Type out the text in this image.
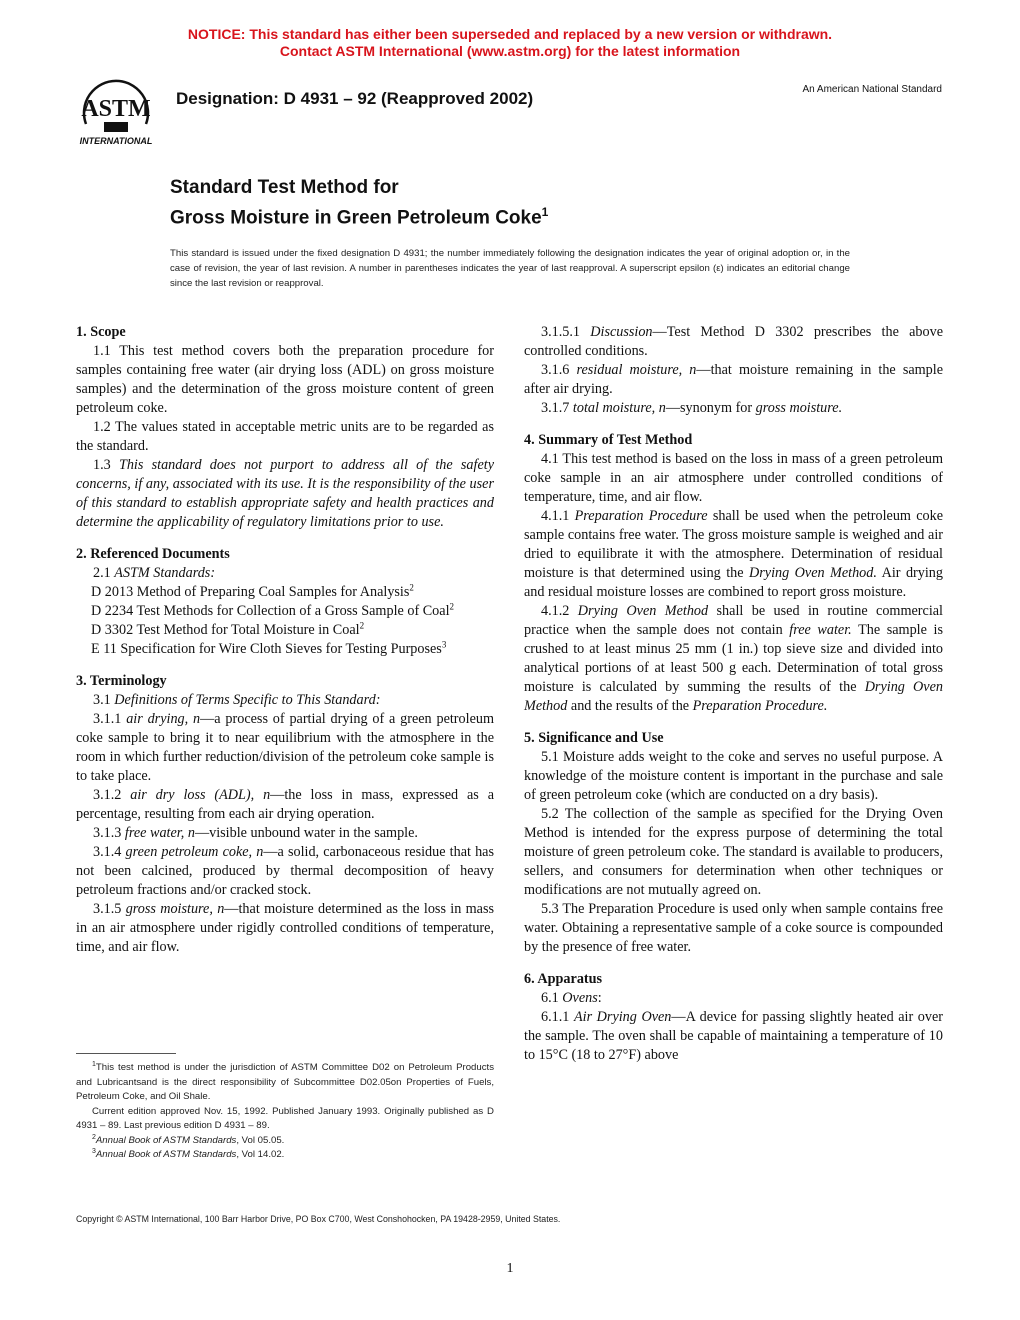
NOTICE: This standard has either been superseded and replaced by a new version or withdrawn.
Contact ASTM International (www.astm.org) for the latest information
ASTM
INTERNATIONAL
Designation: D 4931 – 92 (Reapproved 2002)	An American National Standard
Standard Test Method for
Gross Moisture in Green Petroleum Coke$^1$
This standard is issued under the fixed designation D 4931; the number immediately following the designation indicates the year of original adoption or, in the case of revision, the year of last revision. A number in parentheses indicates the year of last reapproval. A superscript epsilon (ε) indicates an editorial change since the last revision or reapproval.
1. Scope

1.1 This test method covers both the preparation procedure for samples containing free water (air drying loss (ADL) on gross moisture samples) and the determination of the gross moisture content of green petroleum coke.

1.2 The values stated in acceptable metric units are to be regarded as the standard.

1.3 This standard does not purport to address all of the safety concerns, if any, associated with its use. It is the responsibility of the user of this standard to establish appropriate safety and health practices and determine the applicability of regulatory limitations prior to use.

2. Referenced Documents

2.1 ASTM Standards:

D 2013 Method of Preparing Coal Samples for Analysis$^2$

D 2234 Test Methods for Collection of a Gross Sample of Coal$^2$

D 3302 Test Method for Total Moisture in Coal$^2$

E 11 Specification for Wire Cloth Sieves for Testing Purposes$^3$

3. Terminology

3.1 Definitions of Terms Specific to This Standard:

3.1.1 air drying, n—a process of partial drying of a green petroleum coke sample to bring it to near equilibrium with the atmosphere in the room in which further reduction/division of the petroleum coke sample is to take place.

3.1.2 air dry loss (ADL), n—the loss in mass, expressed as a percentage, resulting from each air drying operation.

3.1.3 free water, n—visible unbound water in the sample.

3.1.4 green petroleum coke, n—a solid, carbonaceous residue that has not been calcined, produced by thermal decomposition of heavy petroleum fractions and/or cracked stock.

3.1.5 gross moisture, n—that moisture determined as the loss in mass in an air atmosphere under rigidly controlled conditions of temperature, time, and air flow.

$^1$This test method is under the jurisdiction of ASTM Committee D02 on Petroleum Products and Lubricantsand is the direct responsibility of Subcommittee D02.05on Properties of Fuels, Petroleum Coke, and Oil Shale.

Current edition approved Nov. 15, 1992. Published January 1993. Originally published as D 4931 – 89. Last previous edition D 4931 – 89.

$^2$Annual Book of ASTM Standards, Vol 05.05.

$^3$Annual Book of ASTM Standards, Vol 14.02.

3.1.5.1 Discussion—Test Method D 3302 prescribes the above controlled conditions.

3.1.6 residual moisture, n—that moisture remaining in the sample after air drying.

3.1.7 total moisture, n—synonym for gross moisture.

4. Summary of Test Method

4.1 This test method is based on the loss in mass of a green petroleum coke sample in an air atmosphere under controlled conditions of temperature, time, and air flow.

4.1.1 Preparation Procedure shall be used when the petroleum coke sample contains free water. The gross moisture sample is weighed and air dried to equilibrate it with the atmosphere. Determination of residual moisture is that determined using the Drying Oven Method. Air drying and residual moisture losses are combined to report gross moisture.

4.1.2 Drying Oven Method shall be used in routine commercial practice when the sample does not contain free water. The sample is crushed to at least minus 25 mm (1 in.) top sieve size and divided into analytical portions of at least 500 g each. Determination of total gross moisture is calculated by summing the results of the Drying Oven Method and the results of the Preparation Procedure.

5. Significance and Use

5.1 Moisture adds weight to the coke and serves no useful purpose. A knowledge of the moisture content is important in the purchase and sale of green petroleum coke (which are conducted on a dry basis).

5.2 The collection of the sample as specified for the Drying Oven Method is intended for the express purpose of determining the total moisture of green petroleum coke. The standard is available to producers, sellers, and consumers for determination when other techniques or modifications are not mutually agreed on.

5.3 The Preparation Procedure is used only when sample contains free water. Obtaining a representative sample of a coke source is compounded by the presence of free water.

6. Apparatus

6.1 Ovens:

6.1.1 Air Drying Oven—A device for passing slightly heated air over the sample. The oven shall be capable of maintaining a temperature of 10 to 15°C (18 to 27°F) above

Copyright © ASTM International, 100 Barr Harbor Drive, PO Box C700, West Conshohocken, PA 19428-2959, United States.
1
